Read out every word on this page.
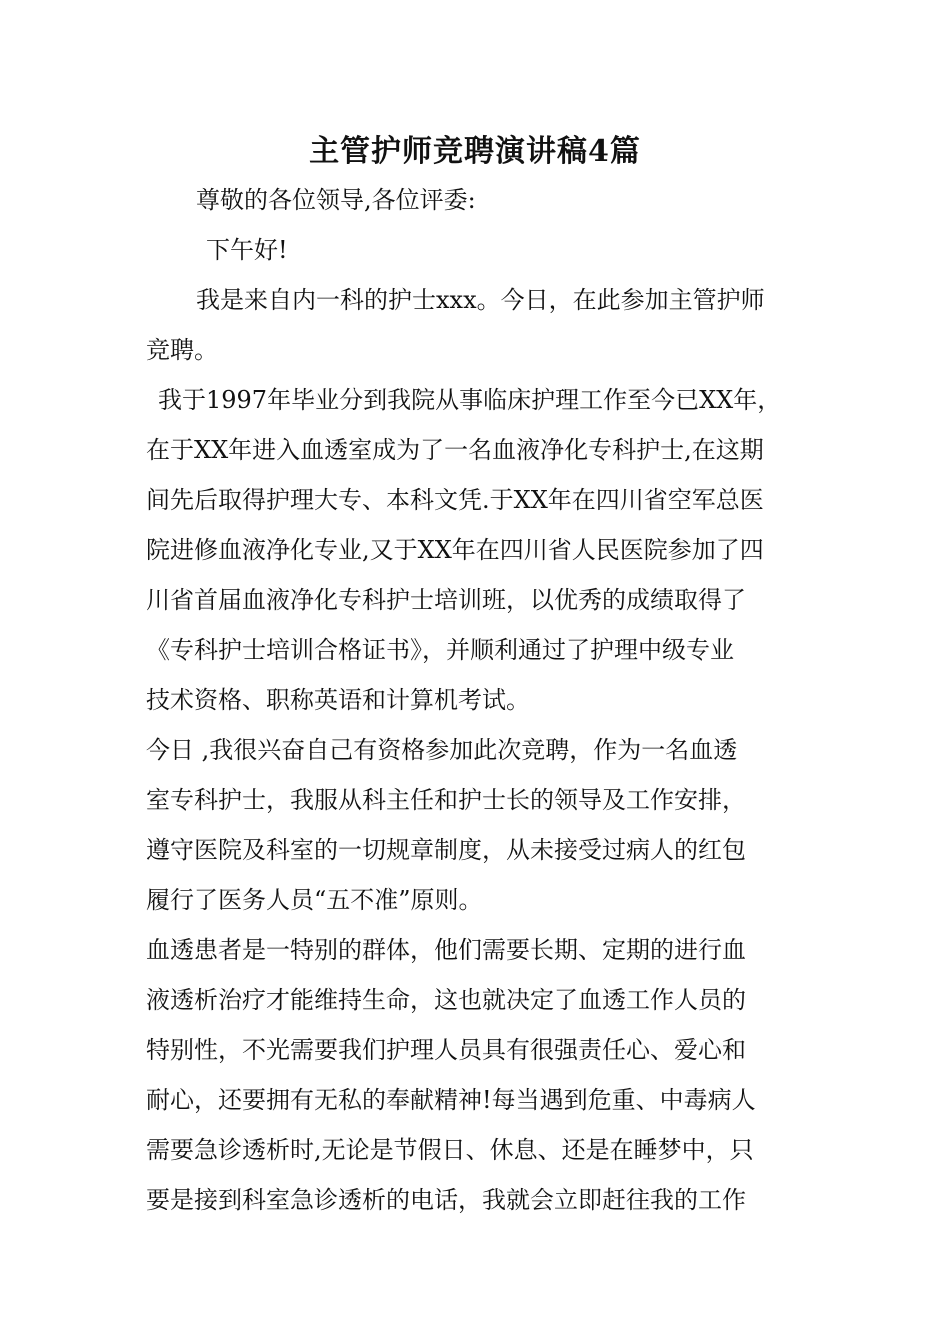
主管护师竞聘演讲稿4篇
尊敬的各位领导,各位评委:
下午好!
我是来自内一科的护士xxx。今日，在此参加主管护师
竞聘。
我于1997年毕业分到我院从事临床护理工作至今已XX年，
在于XX年进入血透室成为了一名血液净化专科护士,在这期
间先后取得护理大专、本科文凭.于XX年在四川省空军总医
院进修血液净化专业,又于XX年在四川省人民医院参加了四
川省首届血液净化专科护士培训班，以优秀的成绩取得了
《专科护士培训合格证书》，并顺利通过了护理中级专业
技术资格、职称英语和计算机考试。
今日 ,我很兴奋自己有资格参加此次竞聘，作为一名血透
室专科护士，我服从科主任和护士长的领导及工作安排，
遵守医院及科室的一切规章制度，从未接受过病人的红包
履行了医务人员“五不准”原则。
血透患者是一特别的群体，他们需要长期、定期的进行血
液透析治疗才能维持生命，这也就决定了血透工作人员的
特别性，不光需要我们护理人员具有很强责任心、爱心和
耐心，还要拥有无私的奉献精神!每当遇到危重、中毒病人
需要急诊透析时,无论是节假日、休息、还是在睡梦中，只
要是接到科室急诊透析的电话，我就会立即赶往我的工作
